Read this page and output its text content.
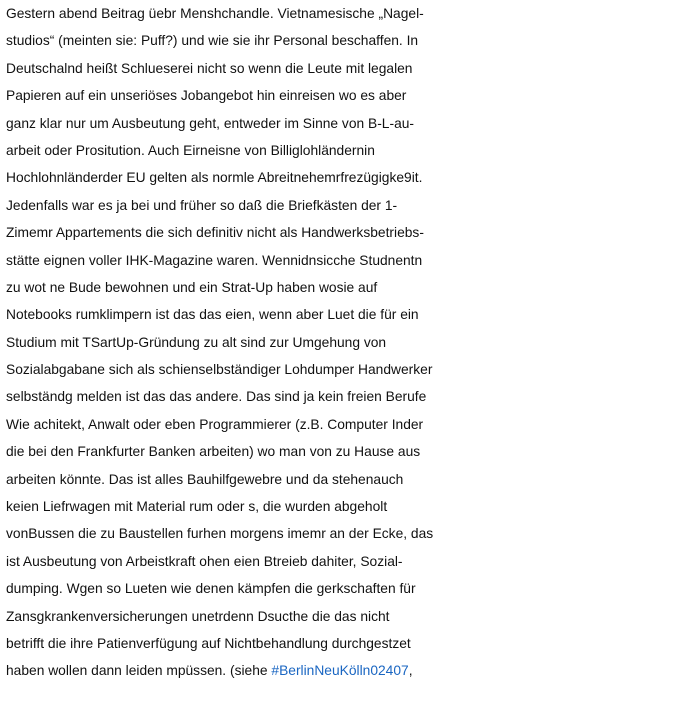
Gestern abend Beitrag üebr Menshchandle. Vietnamesische „Nagel-
studios“ (meinten sie: Puff?) und wie sie ihr Personal beschaffen. In
Deutschalnd heißt Schlueserei nicht so wenn die Leute mit legalen
Papieren auf ein unseriöses Jobangebot hin einreisen wo es aber
ganz klar nur um Ausbeutung geht, entweder im Sinne von B-L-au-
arbeit oder Prositution. Auch Eirneisne von Billiglohländernin
Hochlohnländerder EU gelten als normle Abreitnehemrfrezügigke9it.
Jedenfalls war es ja bei und früher so daß die Briefkästen der 1-
Zimemr Appartements die sich definitiv nicht als Handwerksbetriebs-
stätte eignen voller IHK-Magazine waren. Wennidnsicche Studnentn
zu wot ne Bude bewohnen und ein Strat-Up haben wosie auf
Notebooks rumklimpern ist das das eien, wenn aber Luet die für ein
Studium mit TSartUp-Gründung zu alt sind zur Umgehung von
Sozialabgabane sich als schienselbständiger Lohdumper Handwerker
selbständg melden ist das das andere. Das sind ja kein freien Berufe
Wie achitekt, Anwalt oder eben Programmierer (z.B. Computer Inder
die bei den Frankfurter Banken arbeiten) wo man von zu Hause aus
arbeiten könnte. Das ist alles Bauhilfgewebre und da stehenauch
keien Liefrwagen mit Material rum oder s, die wurden abgeholt
vonBussen die zu Baustellen furhen morgens imemr an der Ecke, das
ist Ausbeutung von Arbeistkraft ohen eien Btreieb dahiter, Sozial-
dumping. Wgen so Lueten wie denen kämpfen die gerkschaften für
Zansgkrankenversicherungen unetrdenn Dsucthe die das nicht
betrifft die ihre Patienverfügung auf Nichtbehandlung durchgestzet
haben wollen dann leiden mpüssen. (siehe #BerlinNeuKölln02407,
